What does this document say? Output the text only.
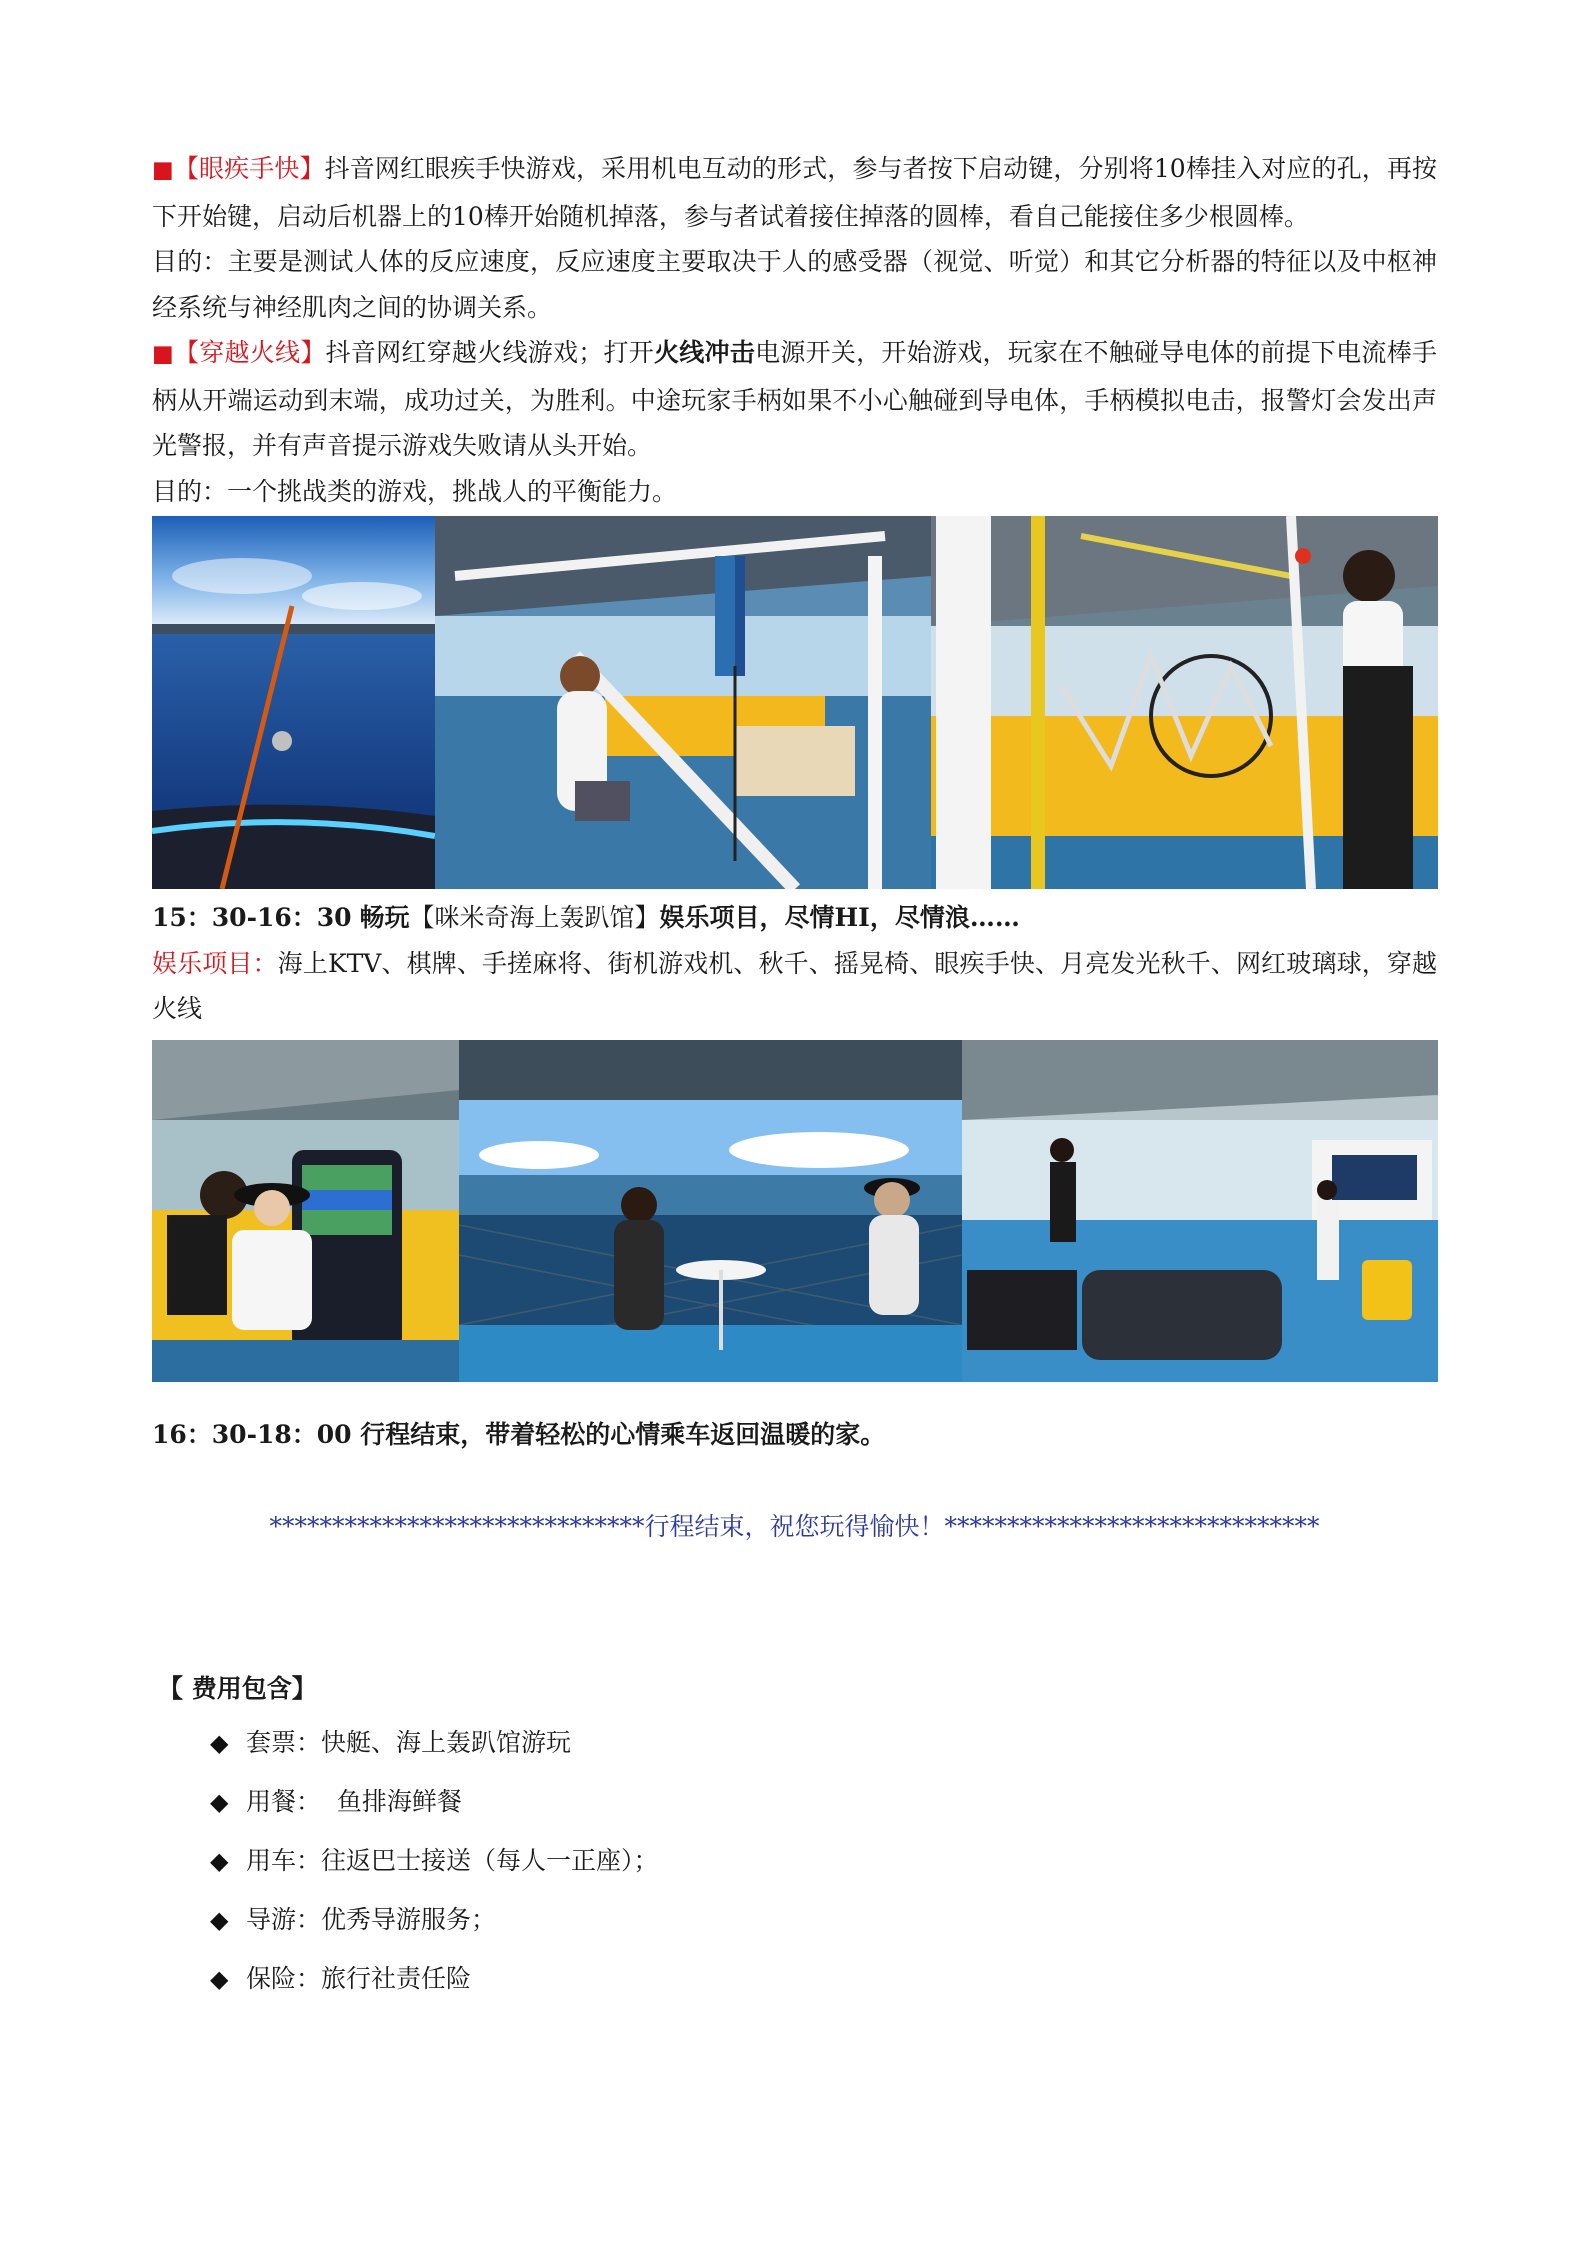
■【眼疾手快】抖音网红眼疾手快游戏，采用机电互动的形式，参与者按下启动键，分别将10棒挂入对应的孔，再按下开始键，启动后机器上的10棒开始随机掉落，参与者试着接住掉落的圆棒，看自己能接住多少根圆棒。

目的：主要是测试人体的反应速度，反应速度主要取决于人的感受器（视觉、听觉）和其它分析器的特征以及中枢神经系统与神经肌肉之间的协调关系。

■【穿越火线】抖音网红穿越火线游戏；打开火线冲击电源开关，开始游戏，玩家在不触碰导电体的前提下电流棒手柄从开端运动到末端，成功过关，为胜利。中途玩家手柄如果不小心触碰到导电体，手柄模拟电击，报警灯会发出声光警报，并有声音提示游戏失败请从头开始。

目的：一个挑战类的游戏，挑战人的平衡能力。

15：30-16：30 畅玩【咪米奇海上轰趴馆】娱乐项目，尽情HI，尽情浪……

娱乐项目：海上KTV、棋牌、手搓麻将、街机游戏机、秋千、摇晃椅、眼疾手快、月亮发光秋千、网红玻璃球，穿越火线

16：30-18：00 行程结束，带着轻松的心情乘车返回温暖的家。

******************************行程结束，祝您玩得愉快！******************************
【 费用包含】
◆ 套票：快艇、海上轰趴馆游玩
◆ 用餐：  鱼排海鲜餐
◆ 用车：往返巴士接送（每人一正座）；
◆ 导游：优秀导游服务；
◆ 保险：旅行社责任险
